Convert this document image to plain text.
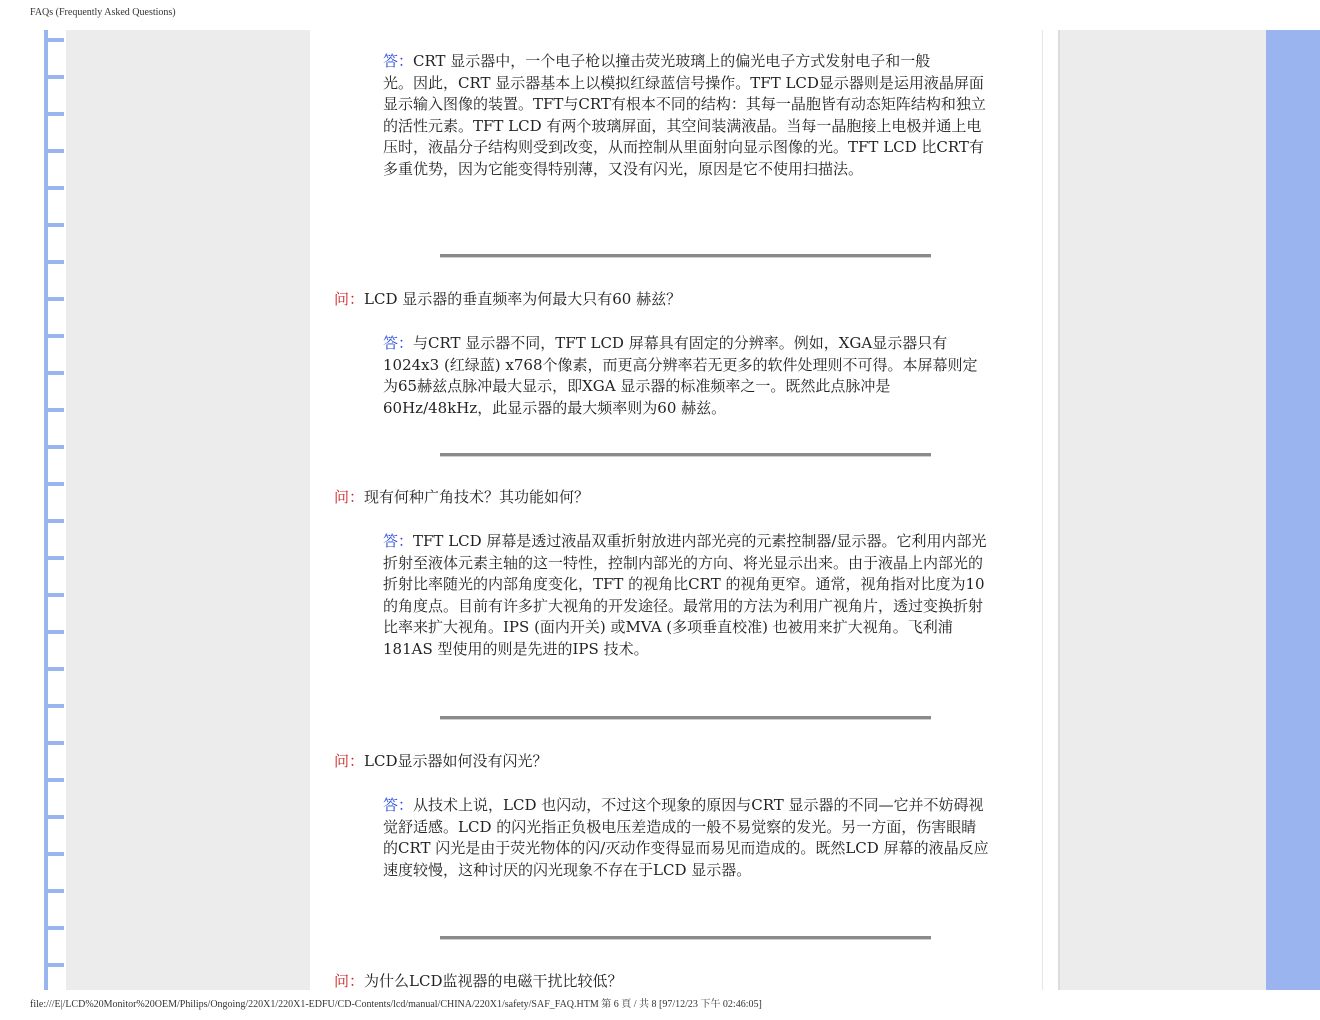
FAQs (Frequently Asked Questions)
答：CRT 显示器中，一个电子枪以撞击荧光玻璃上的偏光电子方式发射电子和一般
光。因此，CRT 显示器基本上以模拟红绿蓝信号操作。TFT LCD显示器则是运用液晶屏面显示输入图像的装置。TFT与CRT有根本不同的结构：其每一晶胞皆有动态矩阵结构和独立的活性元素。TFT LCD 有两个玻璃屏面，其空间装满液晶。当每一晶胞接上电极并通上电压时，液晶分子结构则受到改变，从而控制从里面射向显示图像的光。TFT LCD 比CRT有多重优势，因为它能变得特别薄，又没有闪光，原因是它不使用扫描法。
问：LCD 显示器的垂直频率为何最大只有60 赫兹？
答：与CRT 显示器不同，TFT LCD 屏幕具有固定的分辨率。例如，XGA显示器只有1024x3 (红绿蓝) x768个像素，而更高分辨率若无更多的软件处理则不可得。本屏幕则定为65赫兹点脉冲最大显示，即XGA 显示器的标准频率之一。既然此点脉冲是60Hz/48kHz，此显示器的最大频率则为60 赫兹。
问：现有何种广角技术？其功能如何？
答：TFT LCD 屏幕是透过液晶双重折射放进内部光亮的元素控制器/显示器。它利用内部光折射至液体元素主轴的这一特性，控制内部光的方向、将光显示出来。由于液晶上内部光的折射比率随光的内部角度变化，TFT 的视角比CRT 的视角更窄。通常，视角指对比度为10 的角度点。目前有许多扩大视角的开发途径。最常用的方法为利用广视角片，透过变换折射比率来扩大视角。IPS (面内开关) 或MVA (多项垂直校准) 也被用来扩大视角。飞利浦181AS 型使用的则是先进的IPS 技术。
问：LCD显示器如何没有闪光？
答：从技术上说，LCD 也闪动，不过这个现象的原因与CRT 显示器的不同—它并不妨碍视觉舒适感。LCD 的闪光指正负极电压差造成的一般不易觉察的发光。另一方面，伤害眼睛的CRT 闪光是由于荧光物体的闪/灭动作变得显而易见而造成的。既然LCD 屏幕的液晶反应速度较慢，这种讨厌的闪光现象不存在于LCD 显示器。
问：为什么LCD监视器的电磁干扰比较低？
file:///E|/LCD%20Monitor%20OEM/Philips/Ongoing/220X1/220X1-EDFU/CD-Contents/lcd/manual/CHINA/220X1/safety/SAF_FAQ.HTM 第 6 頁 / 共 8 [97/12/23 下午 02:46:05]
